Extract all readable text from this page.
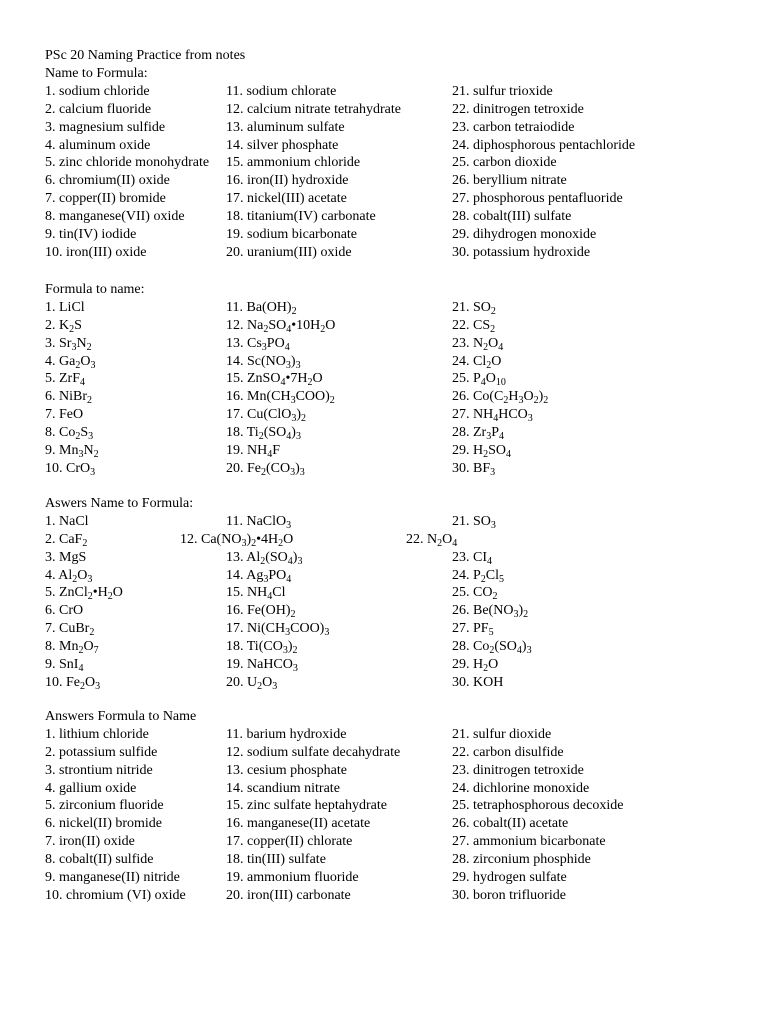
PSc 20 Naming Practice from notes
Name to Formula:
1. sodium chloride	11. sodium chlorate	21. sulfur trioxide
2. calcium fluoride	12. calcium nitrate tetrahydrate	22. dinitrogen tetroxide
3. magnesium sulfide	13. aluminum sulfate	23. carbon tetraiodide
4. aluminum oxide	14. silver phosphate	24. diphosphorous pentachloride
5. zinc chloride monohydrate 15. ammonium chloride	25. carbon dioxide
6. chromium(II) oxide	16. iron(II) hydroxide	26. beryllium nitrate
7. copper(II) bromide	17. nickel(III) acetate	27. phosphorous pentafluoride
8. manganese(VII) oxide	18. titanium(IV) carbonate	28. cobalt(III) sulfate
9. tin(IV) iodide	19. sodium bicarbonate	29. dihydrogen monoxide
10. iron(III) oxide	20. uranium(III) oxide	30. potassium hydroxide
Formula to name:
1. LiCl	11. $Ba(OH)_2$	21. $SO_2$
2. $K_2S$	12. $Na_2SO_4•10H_2O$	22. $CS_2$
3. $Sr_3N_2$	13. $Cs_3PO_4$	23. $N_2O_4$
4. $Ga_2O_3$	14. $Sc(NO_3)_3$	24. $Cl_2O$
5. ZrF$_4$	15. $ZnSO_4•7H_2O$	25. $P_4O_{10}$
6. NiBr$_2$	16. $Mn(CH_3COO)_2$	26. $Co(C_2H_3O_2)_2$
7. FeO	17. $Cu(ClO_3)_2$	27. $NH_4HCO_3$
8. $Co_2S_3$	18. $Ti_2(SO_4)_3$	28. $Zr_3P_4$
9. $Mn_3N_2$	19. $NH_4F$	29. $H_2SO_4$
10. CrO$_3$	20. $Fe_2(CO_3)_3$	30. $BF_3$
Aswers Name to Formula:
1. NaCl	11. NaClO$_3$	21. $SO_3$
2. CaF$_2$	12. $Ca(NO_3)_2•4H_2O$	22. $N_2O_4$
3. MgS	13. $Al_2(SO_4)_3$	23. $CI_4$
4. $Al_2O_3$	14. $Ag_3PO_4$	24. $P_2Cl_5$
5. $ZnCl_2•H_2O$	15. $NH_4Cl$	25. $CO_2$
6. CrO	16. $Fe(OH)_2$	26. $Be(NO_3)_2$
7. CuBr$_2$	17. $Ni(CH_3COO)_3$	27. $PF_5$
8. $Mn_2O_7$	18. $Ti(CO_3)_2$	28. $Co_2(SO_4)_3$
9. SnI$_4$	19. NaHCO$_3$	29. $H_2O$
10. $Fe_2O_3$	20. $U_2O_3$	30. KOH
Answers Formula to Name
1. lithium chloride	11. barium hydroxide	21. sulfur dioxide
2. potassium sulfide	12. sodium sulfate decahydrate	22. carbon disulfide
3. strontium nitride	13. cesium phosphate	23. dinitrogen tetroxide
4. gallium oxide	14. scandium nitrate	24. dichlorine monoxide
5. zirconium fluoride	15. zinc sulfate heptahydrate	25. tetraphosphorous decoxide
6. nickel(II) bromide	16. manganese(II) acetate	26. cobalt(II) acetate
7. iron(II) oxide	17. copper(II) chlorate	27. ammonium bicarbonate
8. cobalt(II) sulfide	18. tin(III) sulfate	28. zirconium phosphide
9. manganese(II) nitride	19. ammonium fluoride	29. hydrogen sulfate
10. chromium (VI) oxide	20. iron(III) carbonate	30. boron trifluoride
